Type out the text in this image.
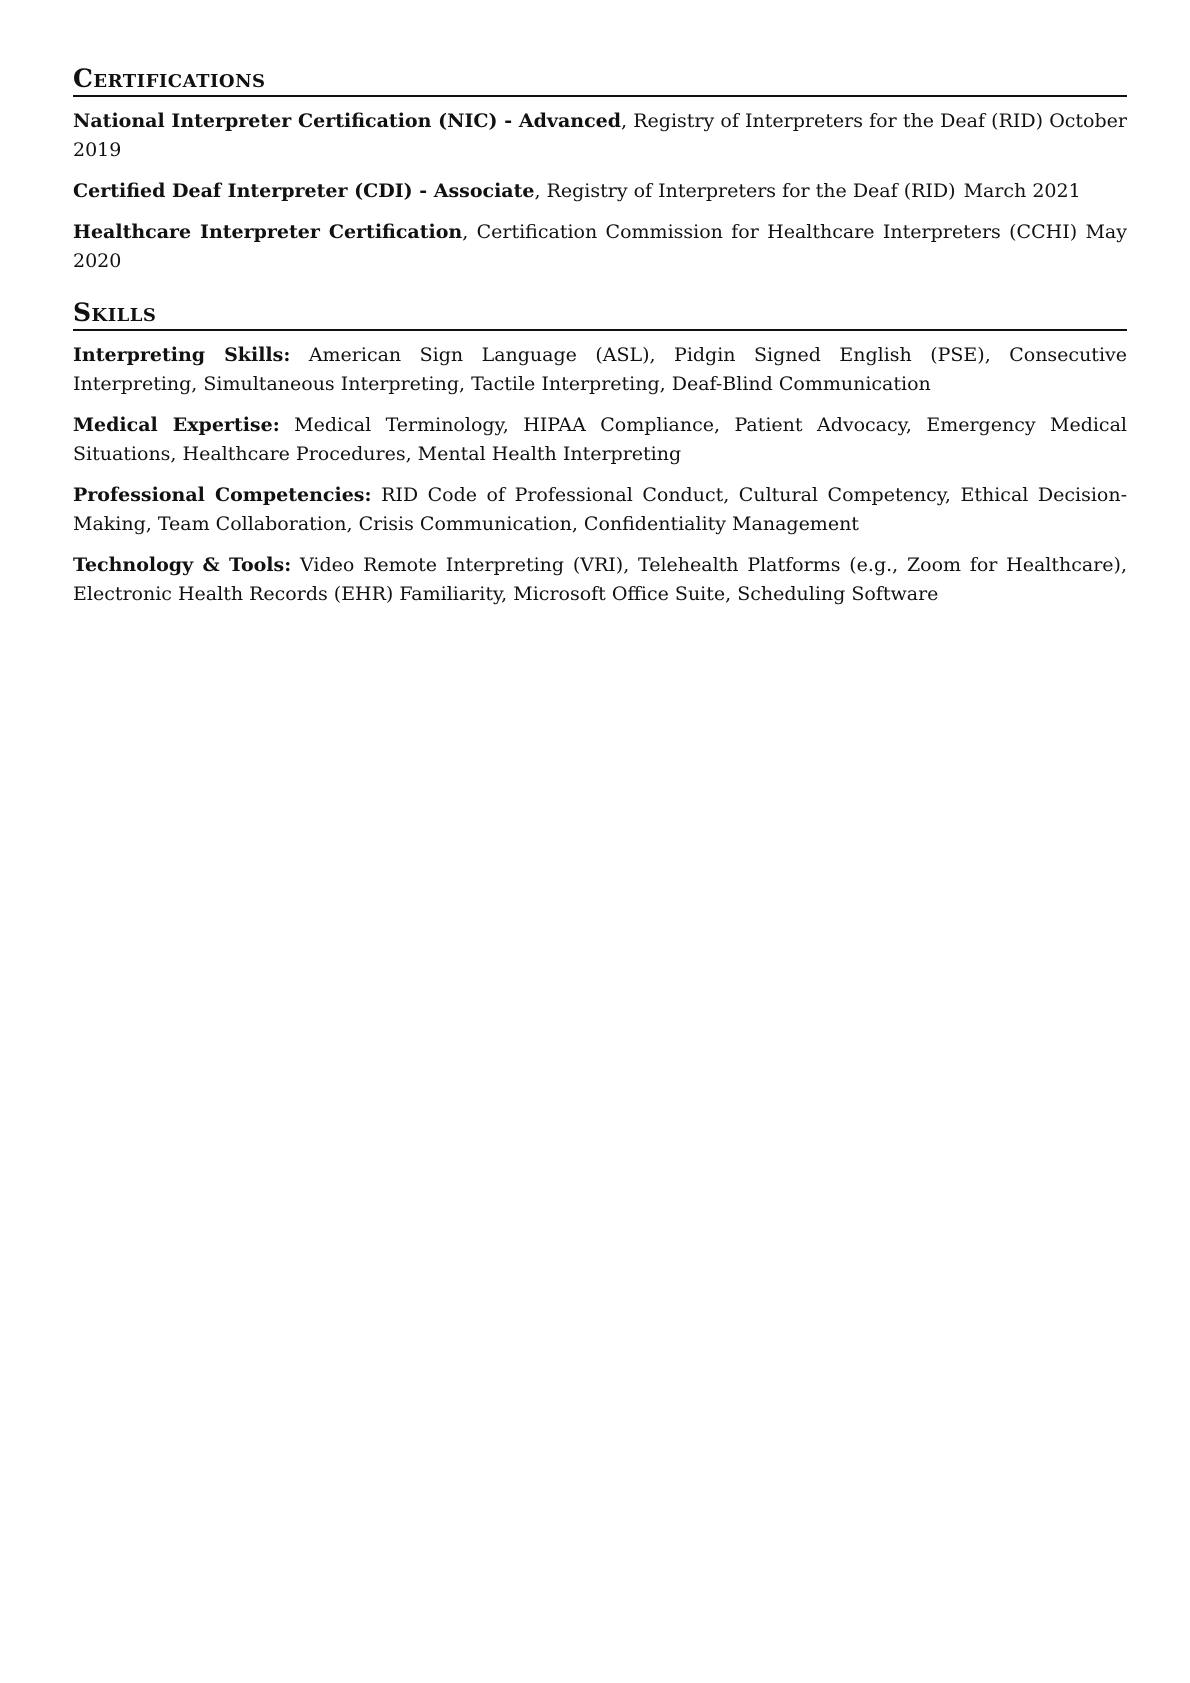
Certifications
National Interpreter Certification (NIC) - Advanced, Registry of Interpreters for the Deaf (RID) October 2019
Certified Deaf Interpreter (CDI) - Associate, Registry of Interpreters for the Deaf (RID) March 2021
Healthcare Interpreter Certification, Certification Commission for Healthcare Interpreters (CCHI) May 2020
Skills
Interpreting Skills: American Sign Language (ASL), Pidgin Signed English (PSE), Consecutive Interpreting, Simultaneous Interpreting, Tactile Interpreting, Deaf-Blind Communication
Medical Expertise: Medical Terminology, HIPAA Compliance, Patient Advocacy, Emergency Medical Situations, Healthcare Procedures, Mental Health Interpreting
Professional Competencies: RID Code of Professional Conduct, Cultural Competency, Ethical Decision-Making, Team Collaboration, Crisis Communication, Confidentiality Management
Technology & Tools: Video Remote Interpreting (VRI), Telehealth Platforms (e.g., Zoom for Healthcare), Electronic Health Records (EHR) Familiarity, Microsoft Office Suite, Scheduling Software
